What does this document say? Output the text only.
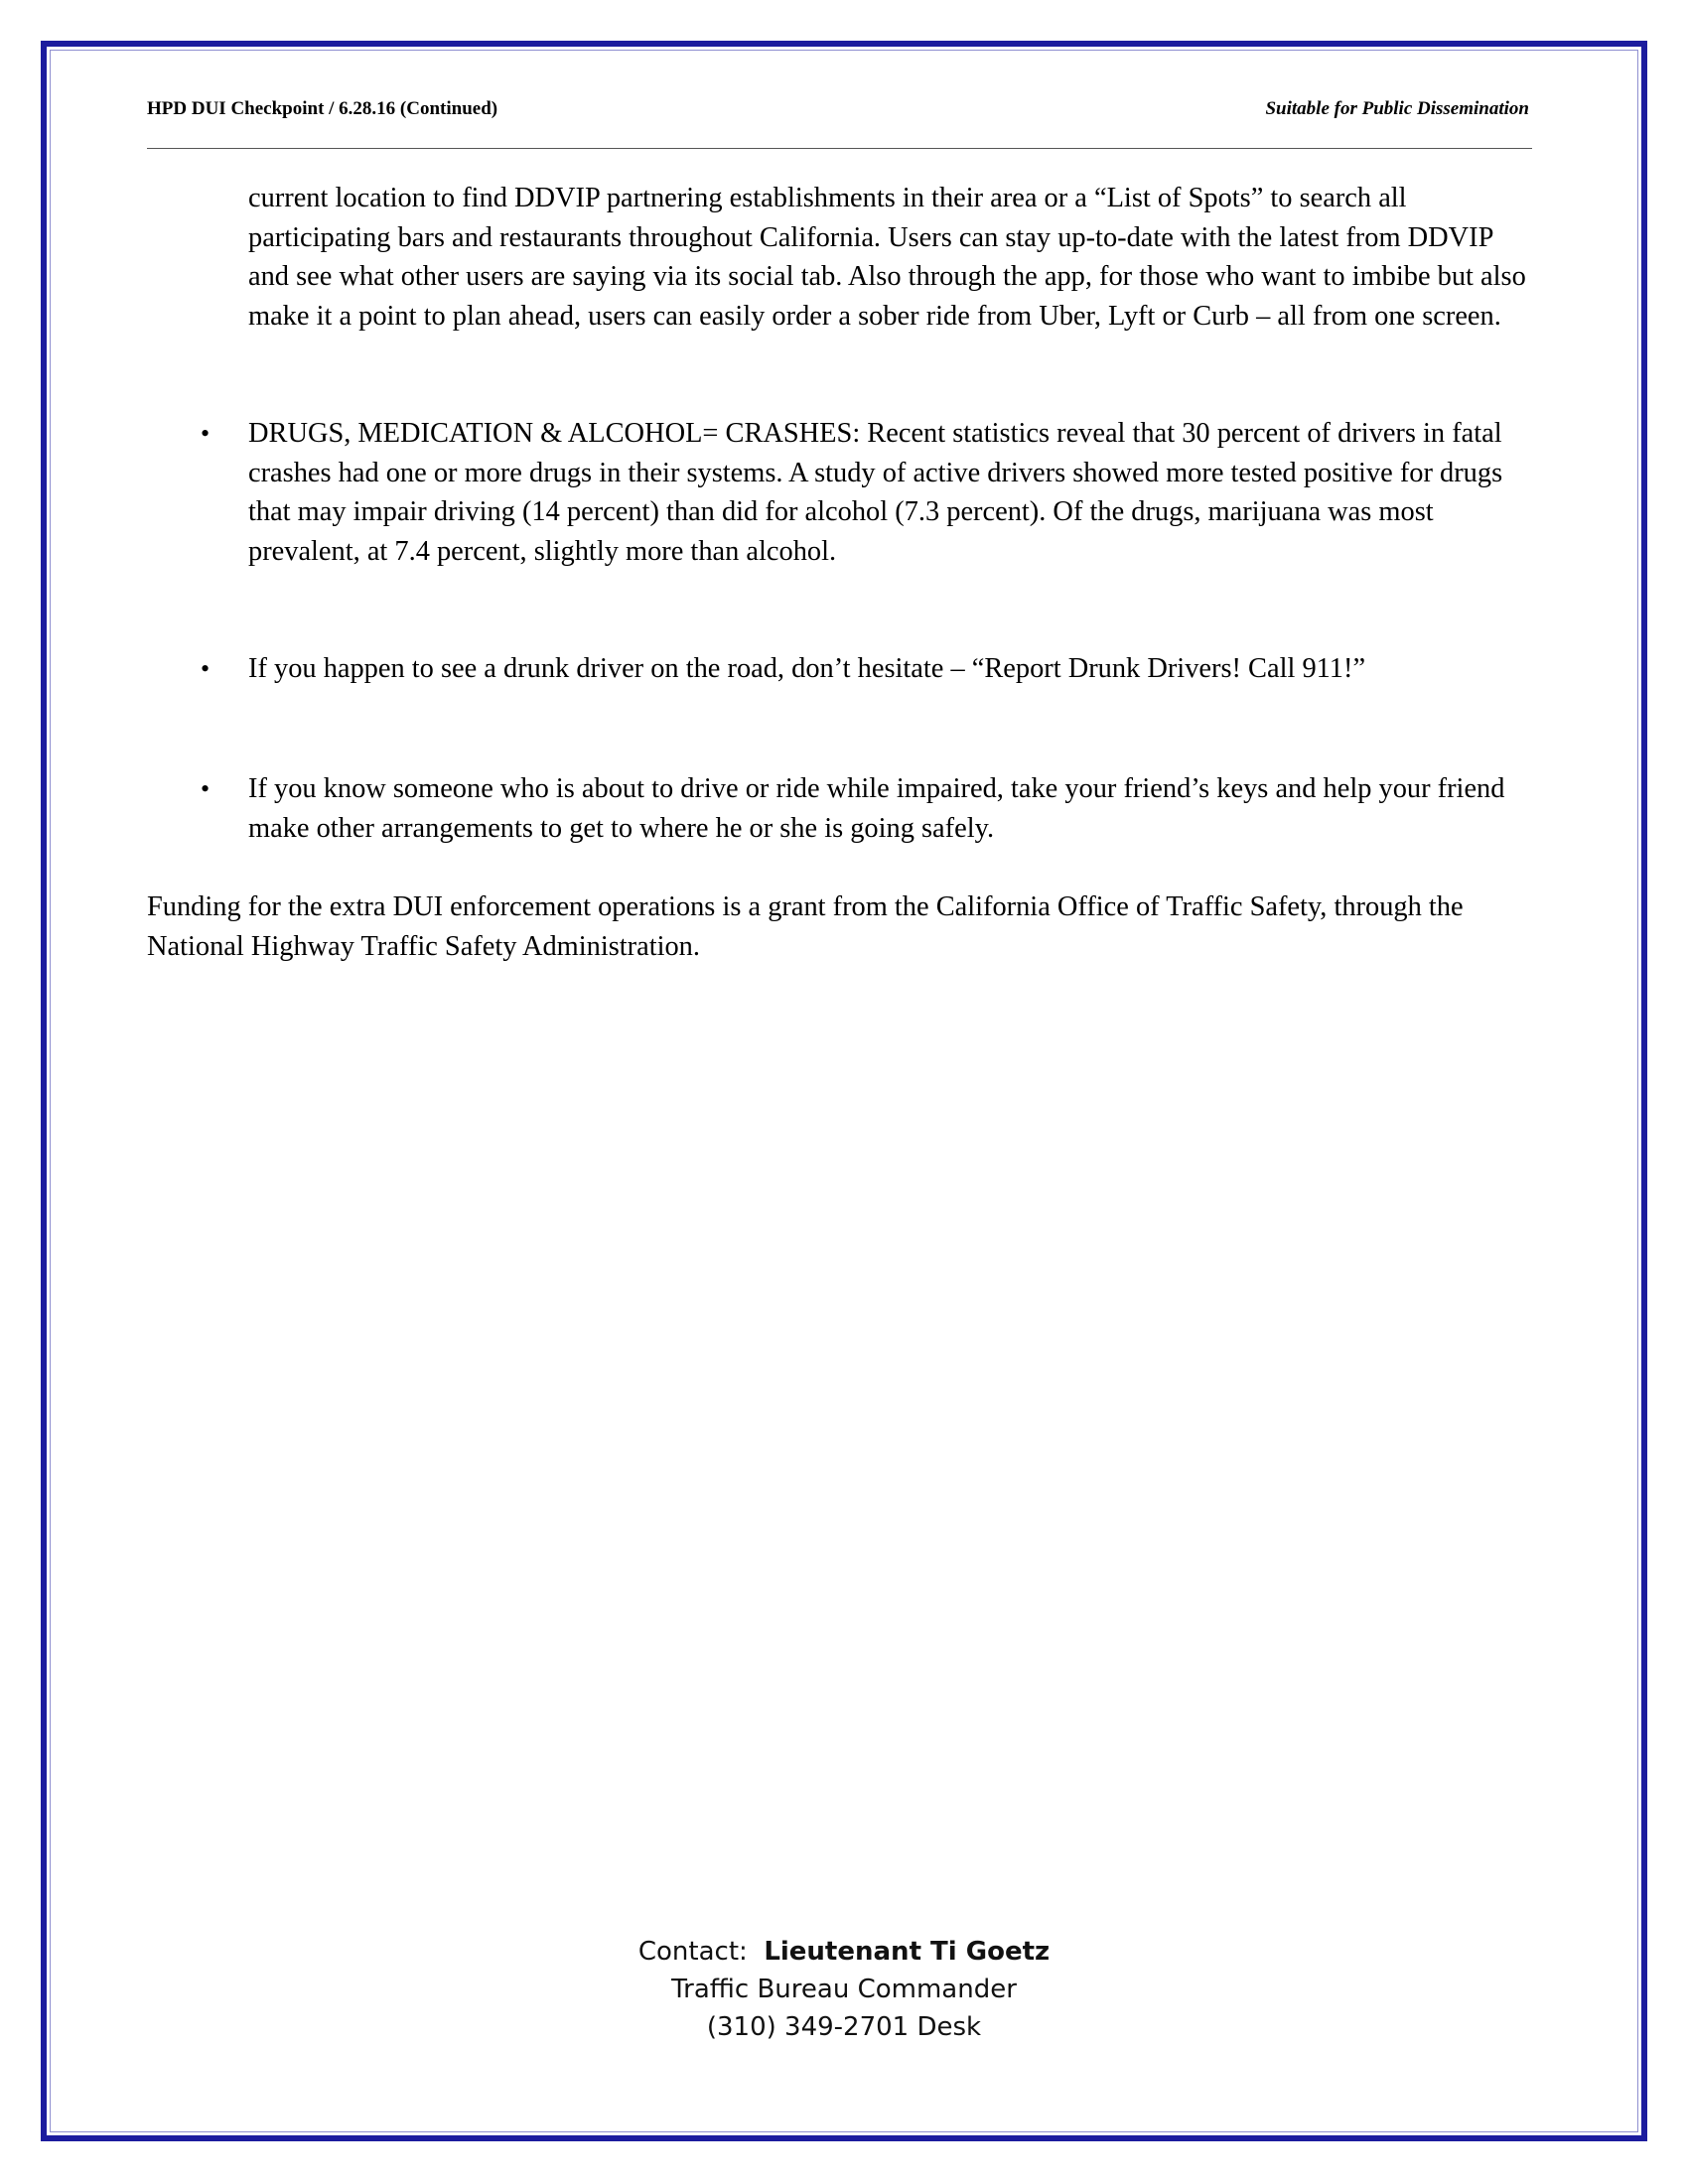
HPD DUI Checkpoint / 6.28.16 (Continued)	Suitable for Public Dissemination
current location to find DDVIP partnering establishments in their area or a “List of Spots” to search all participating bars and restaurants throughout California. Users can stay up-to-date with the latest from DDVIP and see what other users are saying via its social tab. Also through the app, for those who want to imbibe but also make it a point to plan ahead, users can easily order a sober ride from Uber, Lyft or Curb – all from one screen.
•	DRUGS, MEDICATION & ALCOHOL= CRASHES: Recent statistics reveal that 30 percent of drivers in fatal crashes had one or more drugs in their systems. A study of active drivers showed more tested positive for drugs that may impair driving (14 percent) than did for alcohol (7.3 percent). Of the drugs, marijuana was most prevalent, at 7.4 percent, slightly more than alcohol.
•	If you happen to see a drunk driver on the road, don’t hesitate – “Report Drunk Drivers! Call 911!”
•	If you know someone who is about to drive or ride while impaired, take your friend’s keys and help your friend make other arrangements to get to where he or she is going safely.
Funding for the extra DUI enforcement operations is a grant from the California Office of Traffic Safety, through the National Highway Traffic Safety Administration.
Contact: Lieutenant Ti Goetz
Traffic Bureau Commander
(310) 349-2701 Desk
